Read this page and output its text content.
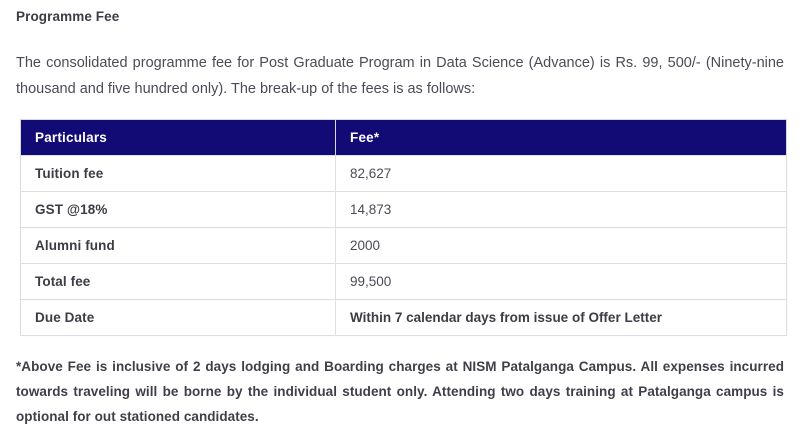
Programme Fee

The consolidated programme fee for Post Graduate Program in Data Science (Advance) is Rs. 99, 500/- (Ninety-nine thousand and five hundred only). The break-up of the fees is as follows:

Particulars	Fee*
Tuition fee	82,627
GST @18%	14,873
Alumni fund	2000
Total fee	99,500
Due Date	Within 7 calendar days from issue of Offer Letter

*Above Fee is inclusive of 2 days lodging and Boarding charges at NISM Patalganga Campus. All expenses incurred towards traveling will be borne by the individual student only. Attending two days training at Patalganga campus is optional for out stationed candidates.
